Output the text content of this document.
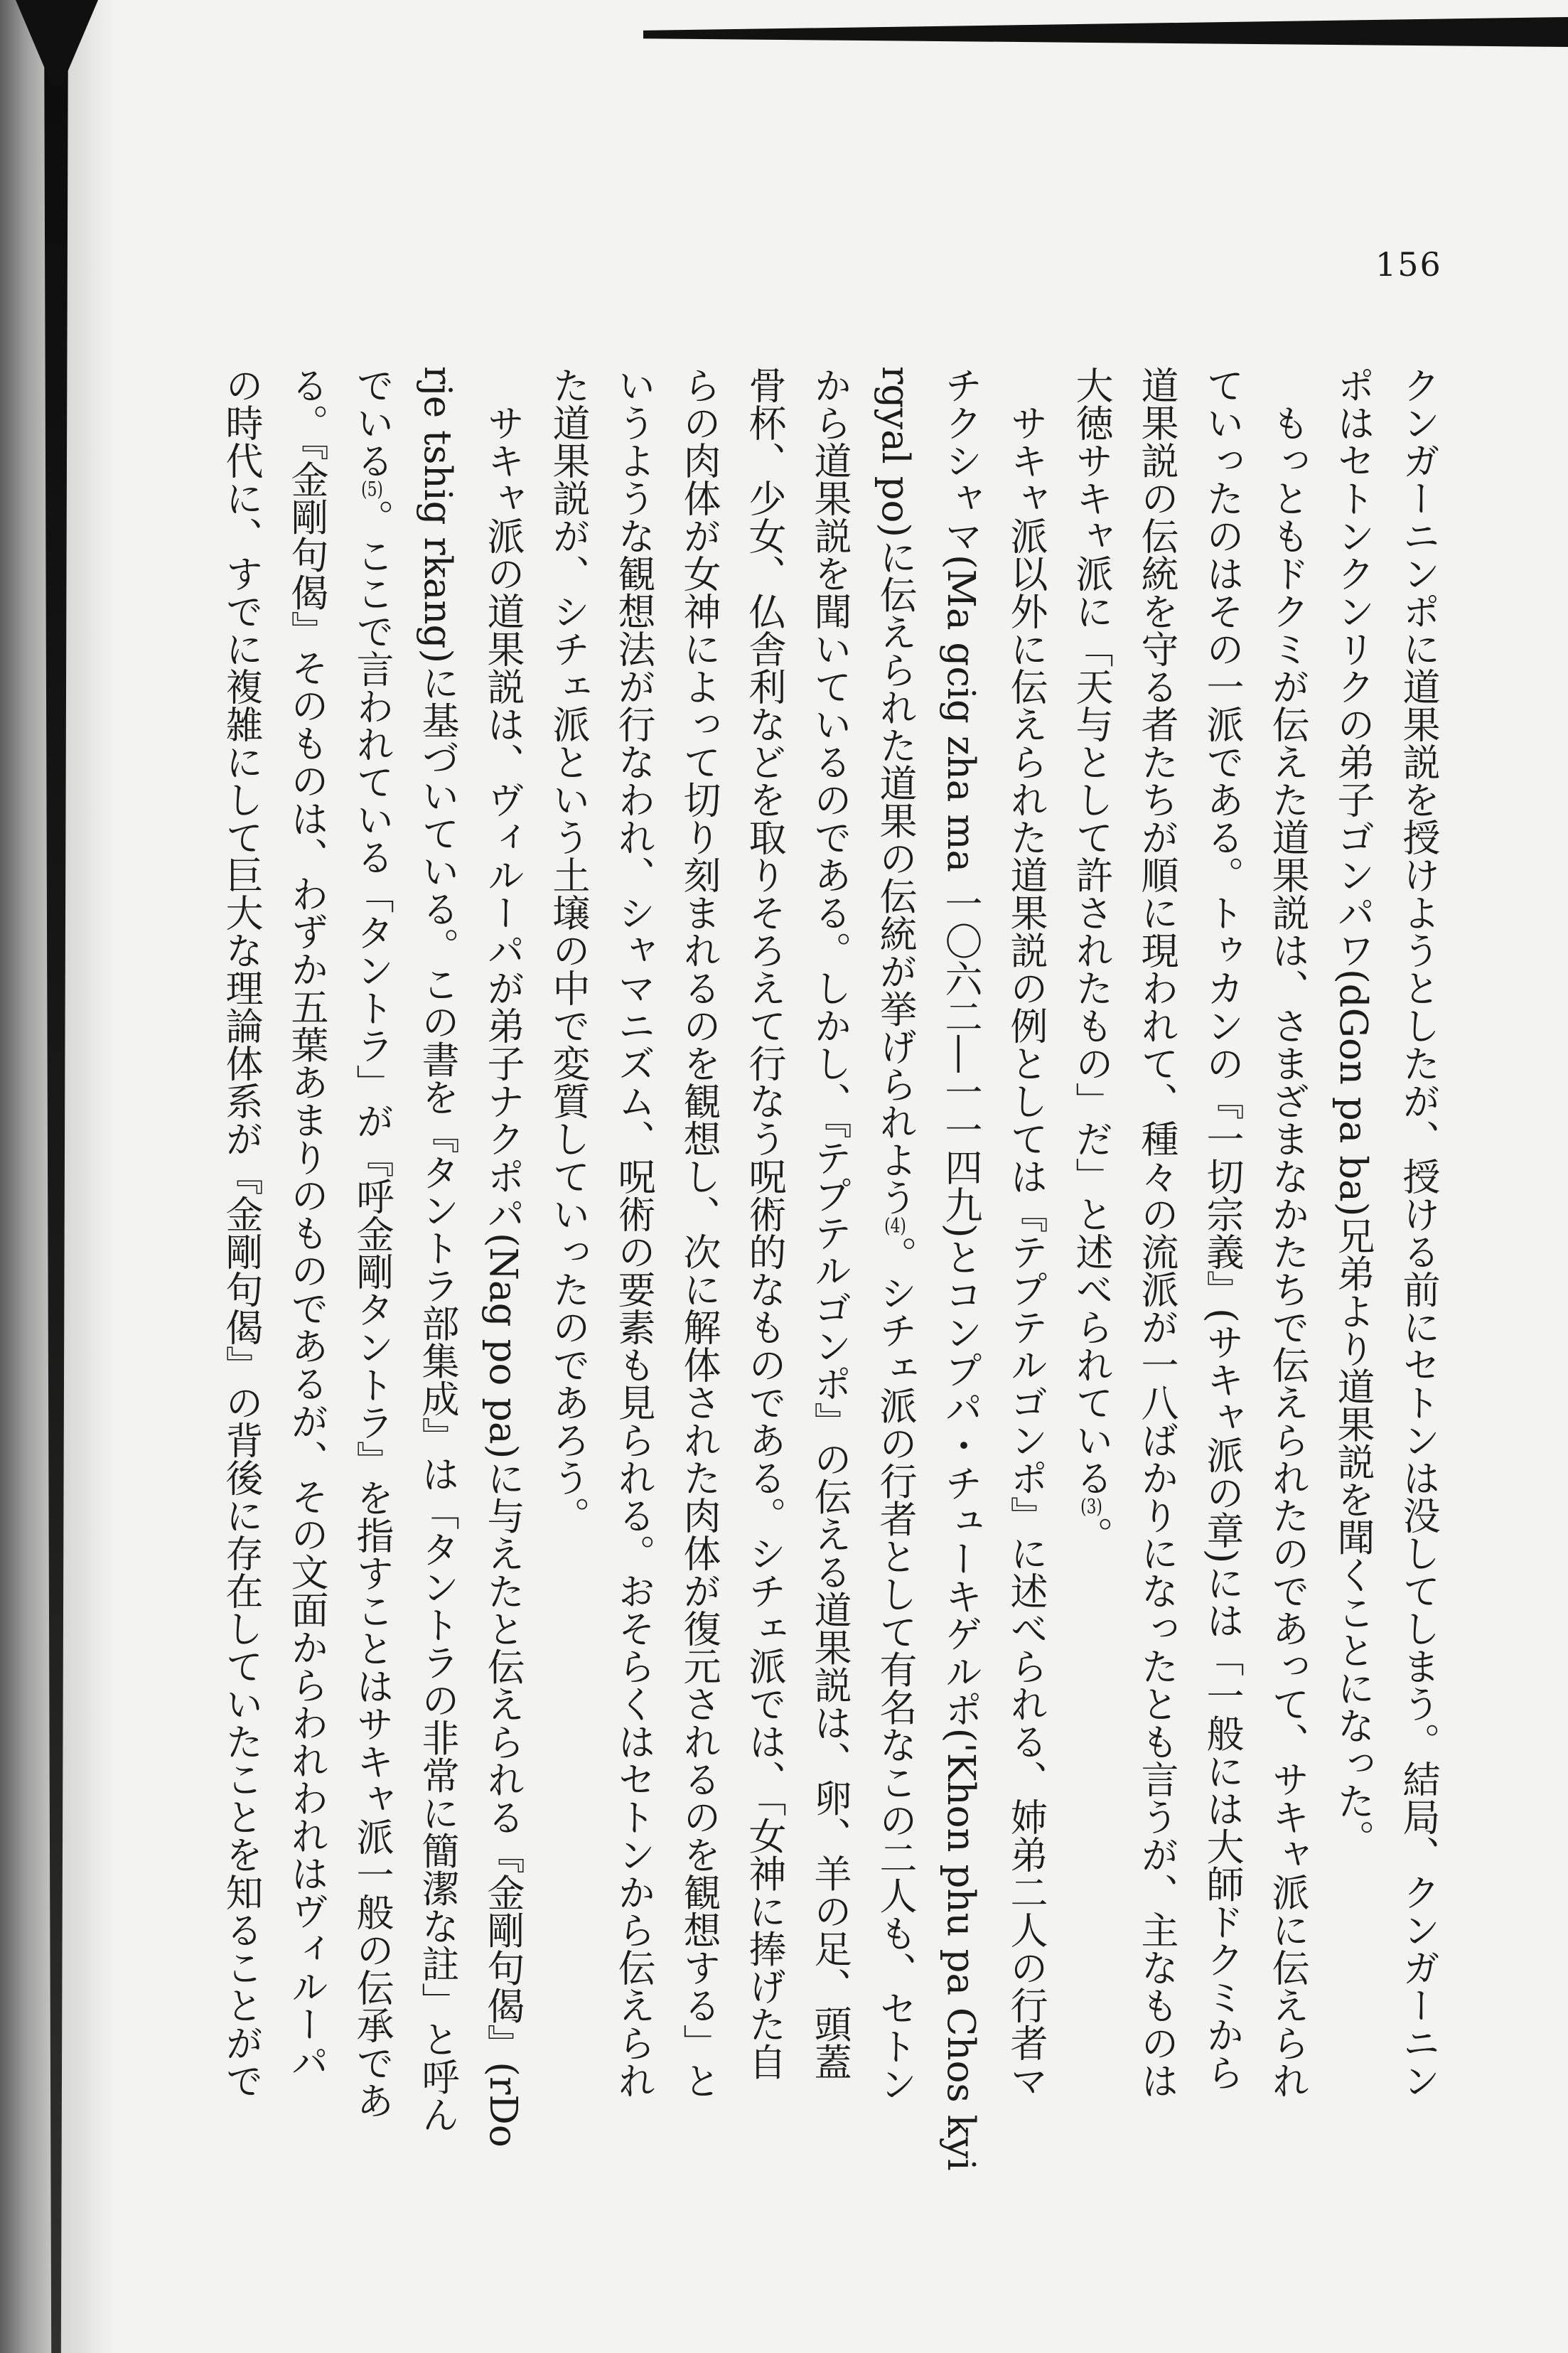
156
クンガーニンポに道果説を授けようとしたが、授ける前にセトンは没してしまう。結局、クンガーニン
ポはセトンクンリクの弟子ゴンパワ(dGon pa ba)兄弟より道果説を聞くことになった。
　もっともドクミが伝えた道果説は、さまざまなかたちで伝えられたのであって、サキャ派に伝えられ
ていったのはその一派である。トゥカンの『一切宗義』(サキャ派の章)には「一般には大師ドクミから
道果説の伝統を守る者たちが順に現われて、種々の流派が一八ばかりになったとも言うが、主なものは
大徳サキャ派に「天与として許されたもの」だ」と述べられている(3)。
　サキャ派以外に伝えられた道果説の例としては『テプテルゴンポ』に述べられる、姉弟二人の行者マ
チクシャマ(Ma gcig zha ma 一〇六二―一一四九)とコンプパ・チューキゲルポ('Khon phu pa Chos kyi
rgyal po)に伝えられた道果の伝統が挙げられよう(4)。シチェ派の行者として有名なこの二人も、セトン
から道果説を聞いているのである。しかし、『テプテルゴンポ』の伝える道果説は、卵、羊の足、頭蓋
骨杯、少女、仏舎利などを取りそろえて行なう呪術的なものである。シチェ派では、「女神に捧げた自
らの肉体が女神によって切り刻まれるのを観想し、次に解体された肉体が復元されるのを観想する」と
いうような観想法が行なわれ、シャマニズム、呪術の要素も見られる。おそらくはセトンから伝えられ
た道果説が、シチェ派という土壌の中で変質していったのであろう。
　サキャ派の道果説は、ヴィルーパが弟子ナクポパ(Nag po pa)に与えたと伝えられる『金剛句偈』(rDo
rje tshig rkang)に基づいている。この書を『タントラ部集成』は「タントラの非常に簡潔な註」と呼ん
でいる(5)。ここで言われている「タントラ」が『呼金剛タントラ』を指すことはサキャ派一般の伝承であ
る。『金剛句偈』そのものは、わずか五葉あまりのものであるが、その文面からわれわれはヴィルーパ
の時代に、すでに複雑にして巨大な理論体系が『金剛句偈』の背後に存在していたことを知ることがで
